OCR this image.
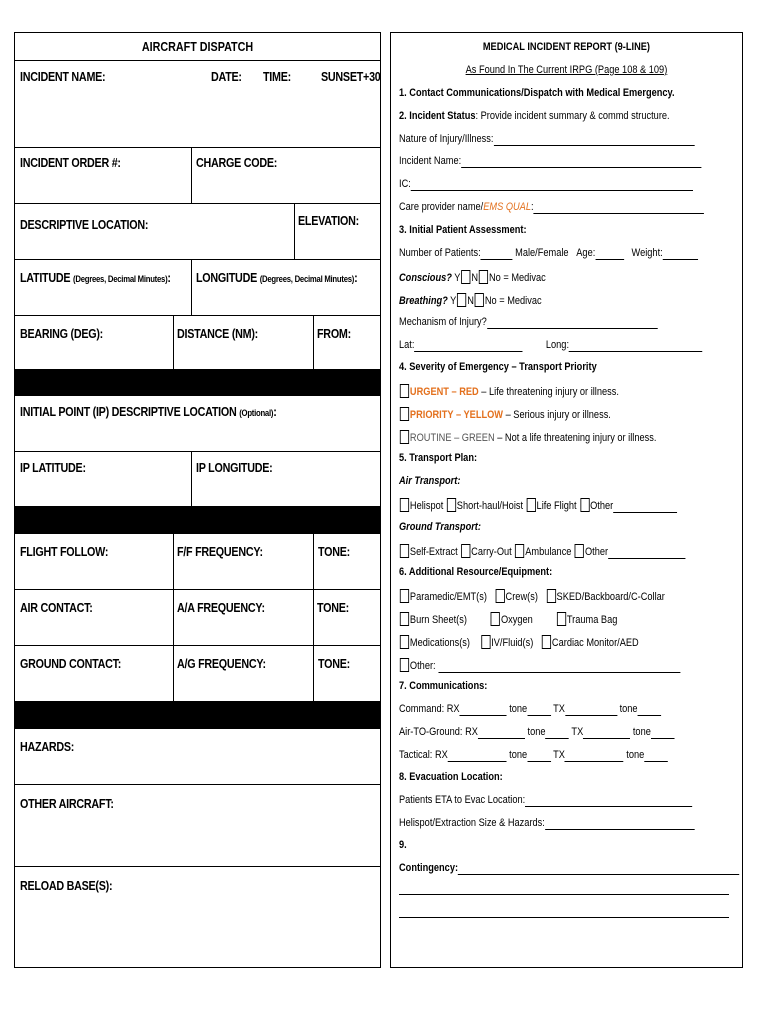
AIRCRAFT DISPATCH
INCIDENT NAME:	DATE: TIME: SUNSET+30
INCIDENT ORDER #:	CHARGE CODE:
DESCRIPTIVE LOCATION:	ELEVATION:
LATITUDE (Degrees, Decimal Minutes): LONGITUDE (Degrees, Decimal Minutes):
BEARING (DEG):	DISTANCE (NM):	FROM:
INITIAL POINT (IP) DESCRIPTIVE LOCATION (Optional):
IP LATITUDE:	IP LONGITUDE:
FLIGHT FOLLOW:	F/F FREQUENCY:	TONE:
AIR CONTACT:	A/A FREQUENCY:	TONE:
GROUND CONTACT:	A/G FREQUENCY:	TONE:
HAZARDS:
OTHER AIRCRAFT:
RELOAD BASE(S):
MEDICAL INCIDENT REPORT (9-LINE)
As Found In The Current IRPG (Page 108 & 109)
1. Contact Communications/Dispatch with Medical Emergency.
2. Incident Status: Provide incident summary & commd structure.
Nature of Injury/Illness:
Incident Name:
IC:
Care provider name/EMS QUAL:
3. Initial Patient Assessment:
Number of Patients:	Male/Female Age:	Weight:
Conscious? Y N No = Medivac
Breathing? Y N No = Medivac
Mechanism of Injury?
Lat:	Long:
4. Severity of Emergency – Transport Priority
URGENT – RED – Life threatening injury or illness.
PRIORITY – YELLOW – Serious injury or illness.
ROUTINE – GREEN – Not a life threatening injury or illness.
5. Transport Plan:
Air Transport:
Helispot Short-haul/Hoist Life Flight Other
Ground Transport:
Self-Extract Carry-Out Ambulance Other
6. Additional Resource/Equipment:
Paramedic/EMT(s) Crew(s) SKED/Backboard/C-Collar
Burn Sheet(s)	Oxygen	Trauma Bag
Medications(s) IV/Fluid(s) Cardiac Monitor/AED
Other:
7. Communications:
Command: RX	tone TX	tone
Air-TO-Ground: RX	tone TX	tone
Tactical: RX	tone TX	tone
8. Evacuation Location:
Patients ETA to Evac Location:
Helispot/Extraction Size & Hazards:
9.
Contingency:
